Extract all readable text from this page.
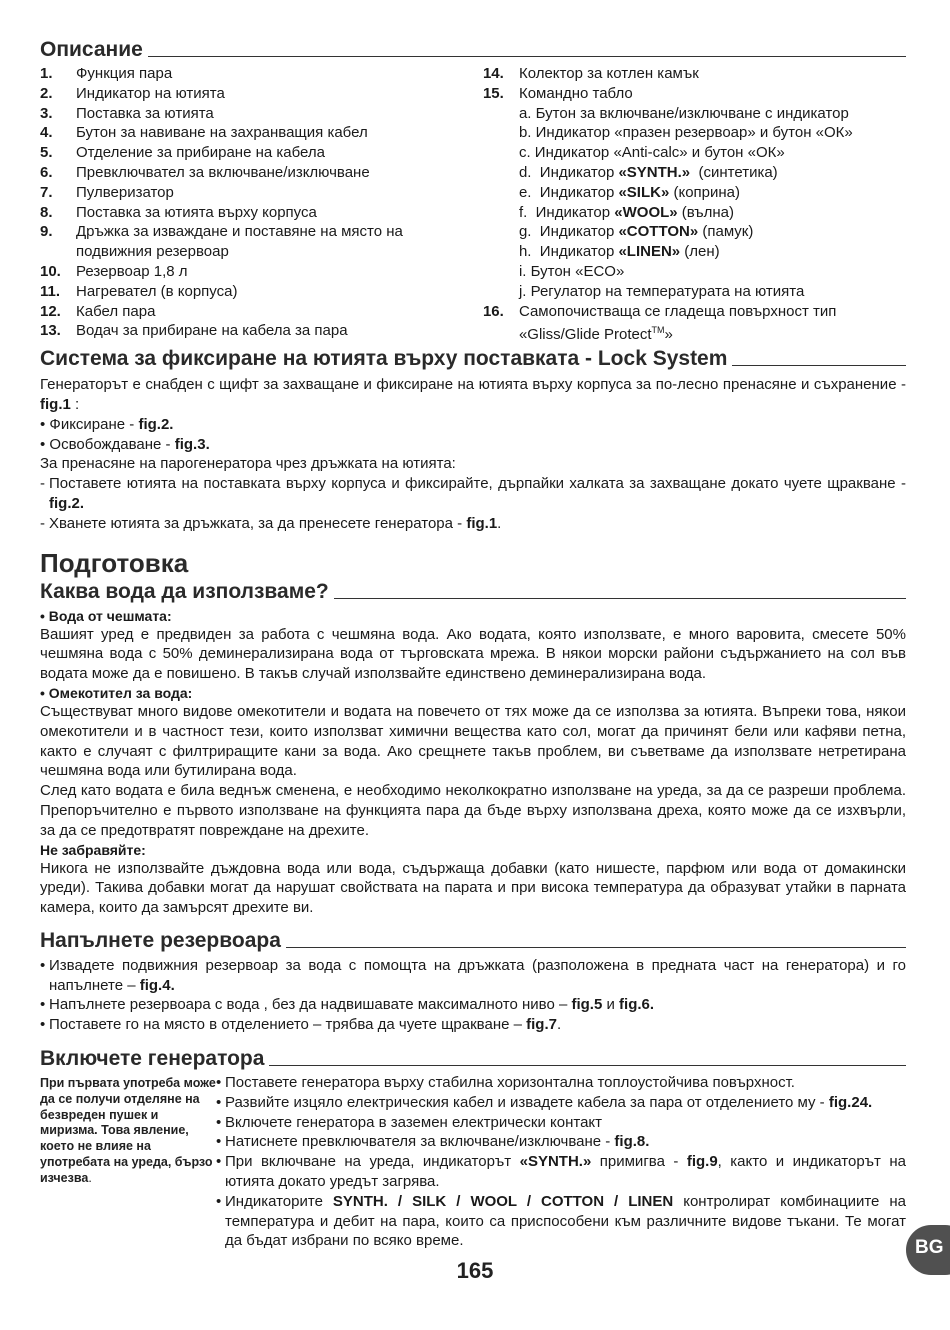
Описание
1.	Функция пара
2.	Индикатор на ютията
3.	Поставка за ютията
4.	Бутон за навиване на захранващия кабел
5.	Отделение за прибиране на кабела
6.	Превключвател за включване/изключване
7.	Пулверизатор
8.	Поставка за ютията върху корпуса
9.	Дръжка за изваждане и поставяне на място на подвижния резервоар
10.	Резервоар 1,8 л
11.	Нагревател (в корпуса)
12.	Кабел пара
13.	Водач за прибиране на кабела за пара
14.	Колектор за котлен камък
15.	Командно табло
a. Бутон за включване/изключване с индикатор
b. Индикатор «празен резервоар» и бутон «ОК»
c. Индикатор «Anti-calc» и бутон «ОК»
d.  Индикатор «SYNTH.»  (синтетика)
e.  Индикатор «SILK» (коприна)
f.  Индикатор «WOOL» (вълна)
g.  Индикатор «COTTON» (памук)
h.  Индикатор «LINEN» (лен)
i. Бутон «ECO»
j. Регулатор на температурата на ютията
16.	Самопочистваща се гладеща повърхност тип «Gliss/Glide Protect™»
Система за фиксиране на ютията върху поставката - Lock System
Генераторът е снабден с щифт за захващане и фиксиране на ютията върху корпуса за по-лесно пренасяне и съхранение - fig.1 :
• Фиксиране - fig.2.
• Освобождаване - fig.3.
За пренасяне на парогенератора чрез дръжката на ютията:
- Поставете ютията на поставката върху корпуса и фиксирайте, дърпайки халката за захващане докато чуете щракване - fig.2.
- Хванете ютията за дръжката, за да пренесете генератора - fig.1.
Подготовка
Каква вода да използваме?
• Вода от чешмата:
Вашият уред е предвиден за работа с чешмяна вода. Ако водата, която използвате, е много варовита, смесете 50% чешмяна вода с 50% деминерализирана вода от търговската мрежа. В някои морски райони съдържанието на сол във водата може да е повишено. В такъв случай използвайте единствено деминерализирана вода.
• Омекотител за вода:
Съществуват много видове омекотители и водата на повечето от тях може да се използва за ютията. Въпреки това, някои омекотители и в частност тези, които използват химични вещества като сол, могат да причинят бели или кафяви петна, както е случаят с филтриращите кани за вода. Ако срещнете такъв проблем, ви съветваме да използвате нетретирана чешмяна вода или бутилирана вода.
След като водата е била веднъж сменена, е необходимо неколкократно използване на уреда, за да се разреши проблема. Препоръчително е първото използване на функцията пара да бъде върху използвана дреха, която може да се изхвърли, за да се предотвратят повреждане на дрехите.
Не забравяйте:
Никога не използвайте дъждовна вода или вода, съдържаща добавки (като нишесте, парфюм или вода от домакински уреди). Такива добавки могат да нарушат свойствата на парата и при висока температура да образуват утайки в парната камера, които да замърсят дрехите ви.
Напълнете резервоара
• Извадете подвижния резервоар за вода с помощта на дръжката (разположена в предната част на генератора) и го напълнете – fig.4.
• Напълнете резервоара с вода , без да надвишавате максималното ниво – fig.5 и fig.6.
• Поставете го на място в отделението – трябва да чуете щракване – fig.7.
Включете генератора
При първата употреба може да се получи отделяне на безвреден пушек и миризма. Това явление, което не влияе на употребата на уреда, бързо изчезва.
• Поставете генератора върху стабилна хоризонтална топлоустойчива повърхност.
• Развийте изцяло електрическия кабел и извадете кабела за пара от отделението му - fig.24.
• Включете генератора в заземен електрически контакт
• Натиснете превключвателя за включване/изключване - fig.8.
• При включване на уреда, индикаторът «SYNTH.» примигва - fig.9, както и индикаторът на ютията докато уредът загрява.
• Индикаторите SYNTH. / SILK / WOOL / COTTON / LINEN контролират комбинациите на температура и дебит на пара, които са приспособени към различните видове тъкани. Те могат да бъдат избрани по всяко време.
165
BG
